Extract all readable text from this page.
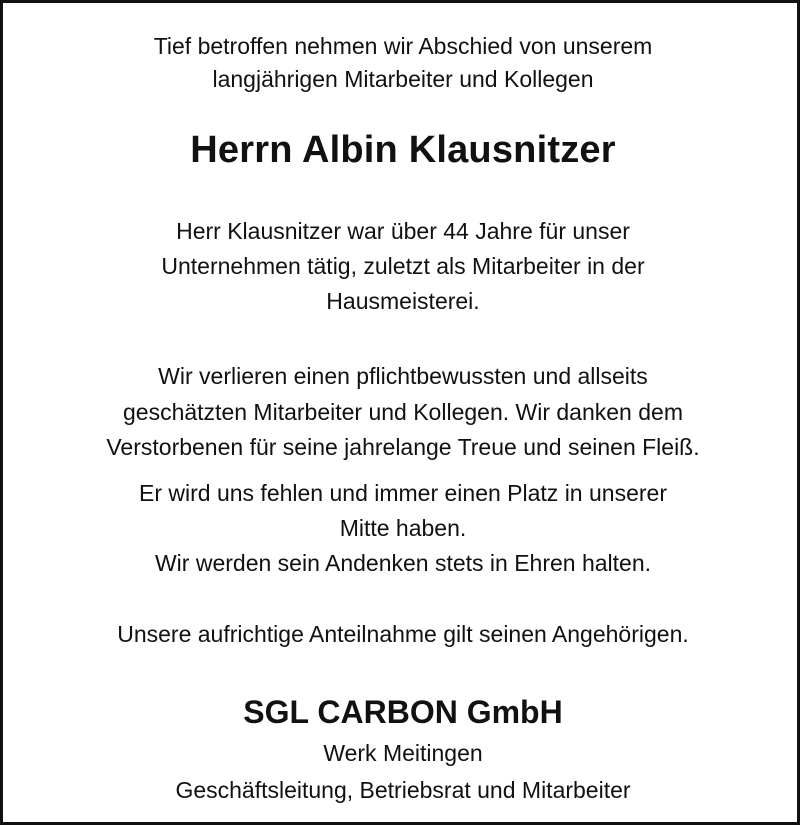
Tief betroffen nehmen wir Abschied von unserem
langjährigen Mitarbeiter und Kollegen
Herrn Albin Klausnitzer
Herr Klausnitzer war über 44 Jahre für unser
Unternehmen tätig, zuletzt als Mitarbeiter in der
Hausmeisterei.
Wir verlieren einen pflichtbewussten und allseits
geschätzten Mitarbeiter und Kollegen. Wir danken dem
Verstorbenen für seine jahrelange Treue und seinen Fleiß.
Er wird uns fehlen und immer einen Platz in unserer
Mitte haben.
Wir werden sein Andenken stets in Ehren halten.
Unsere aufrichtige Anteilnahme gilt seinen Angehörigen.
SGL CARBON GmbH
Werk Meitingen
Geschäftsleitung, Betriebsrat und Mitarbeiter
